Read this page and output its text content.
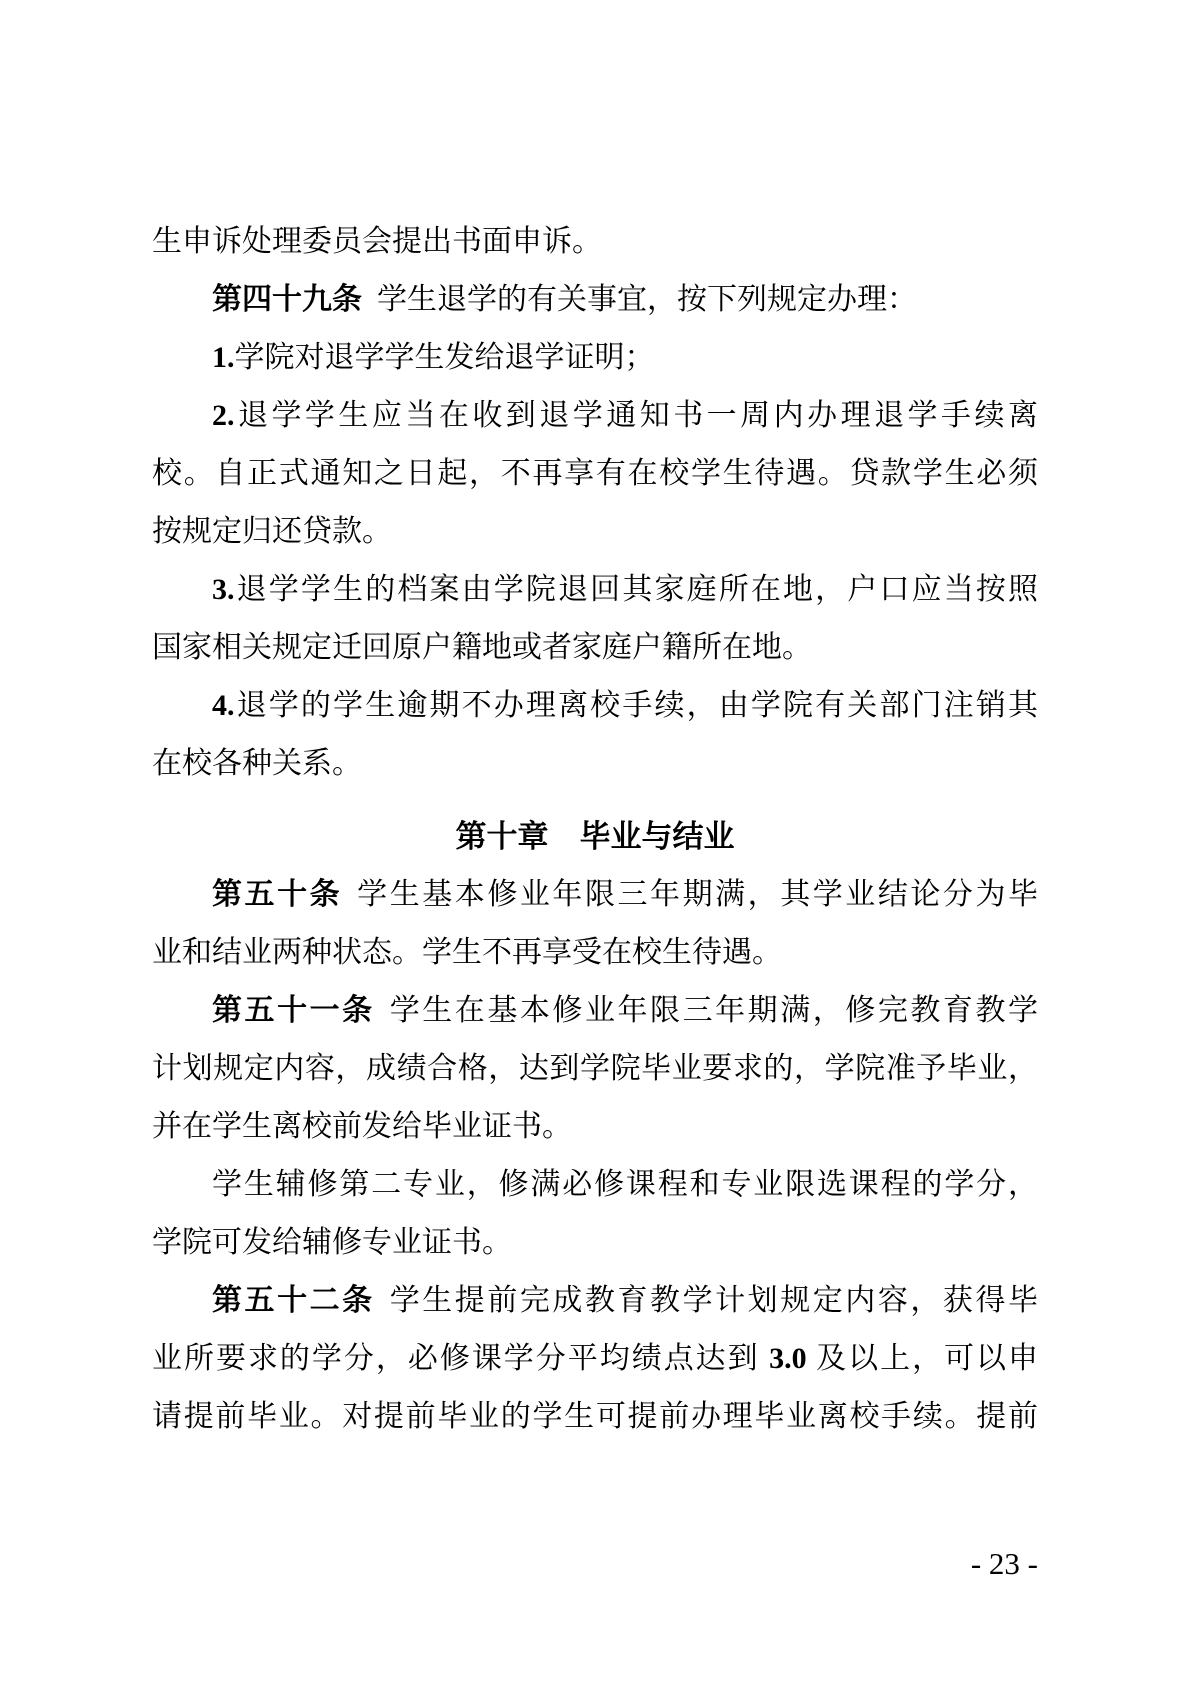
生申诉处理委员会提出书面申诉。
第四十九条 学生退学的有关事宜，按下列规定办理：
1.学院对退学学生发给退学证明；
2.退学学生应当在收到退学通知书一周内办理退学手续离
校。自正式通知之日起，不再享有在校学生待遇。贷款学生必须
按规定归还贷款。
3.退学学生的档案由学院退回其家庭所在地，户口应当按照
国家相关规定迁回原户籍地或者家庭户籍所在地。
4.退学的学生逾期不办理离校手续，由学院有关部门注销其
在校各种关系。
第十章　毕业与结业
第五十条 学生基本修业年限三年期满，其学业结论分为毕
业和结业两种状态。学生不再享受在校生待遇。
第五十一条 学生在基本修业年限三年期满，修完教育教学
计划规定内容，成绩合格，达到学院毕业要求的，学院准予毕业，
并在学生离校前发给毕业证书。
学生辅修第二专业，修满必修课程和专业限选课程的学分，
学院可发给辅修专业证书。
第五十二条 学生提前完成教育教学计划规定内容，获得毕
业所要求的学分，必修课学分平均绩点达到 3.0 及以上，可以申
请提前毕业。对提前毕业的学生可提前办理毕业离校手续。提前
- 23 -
